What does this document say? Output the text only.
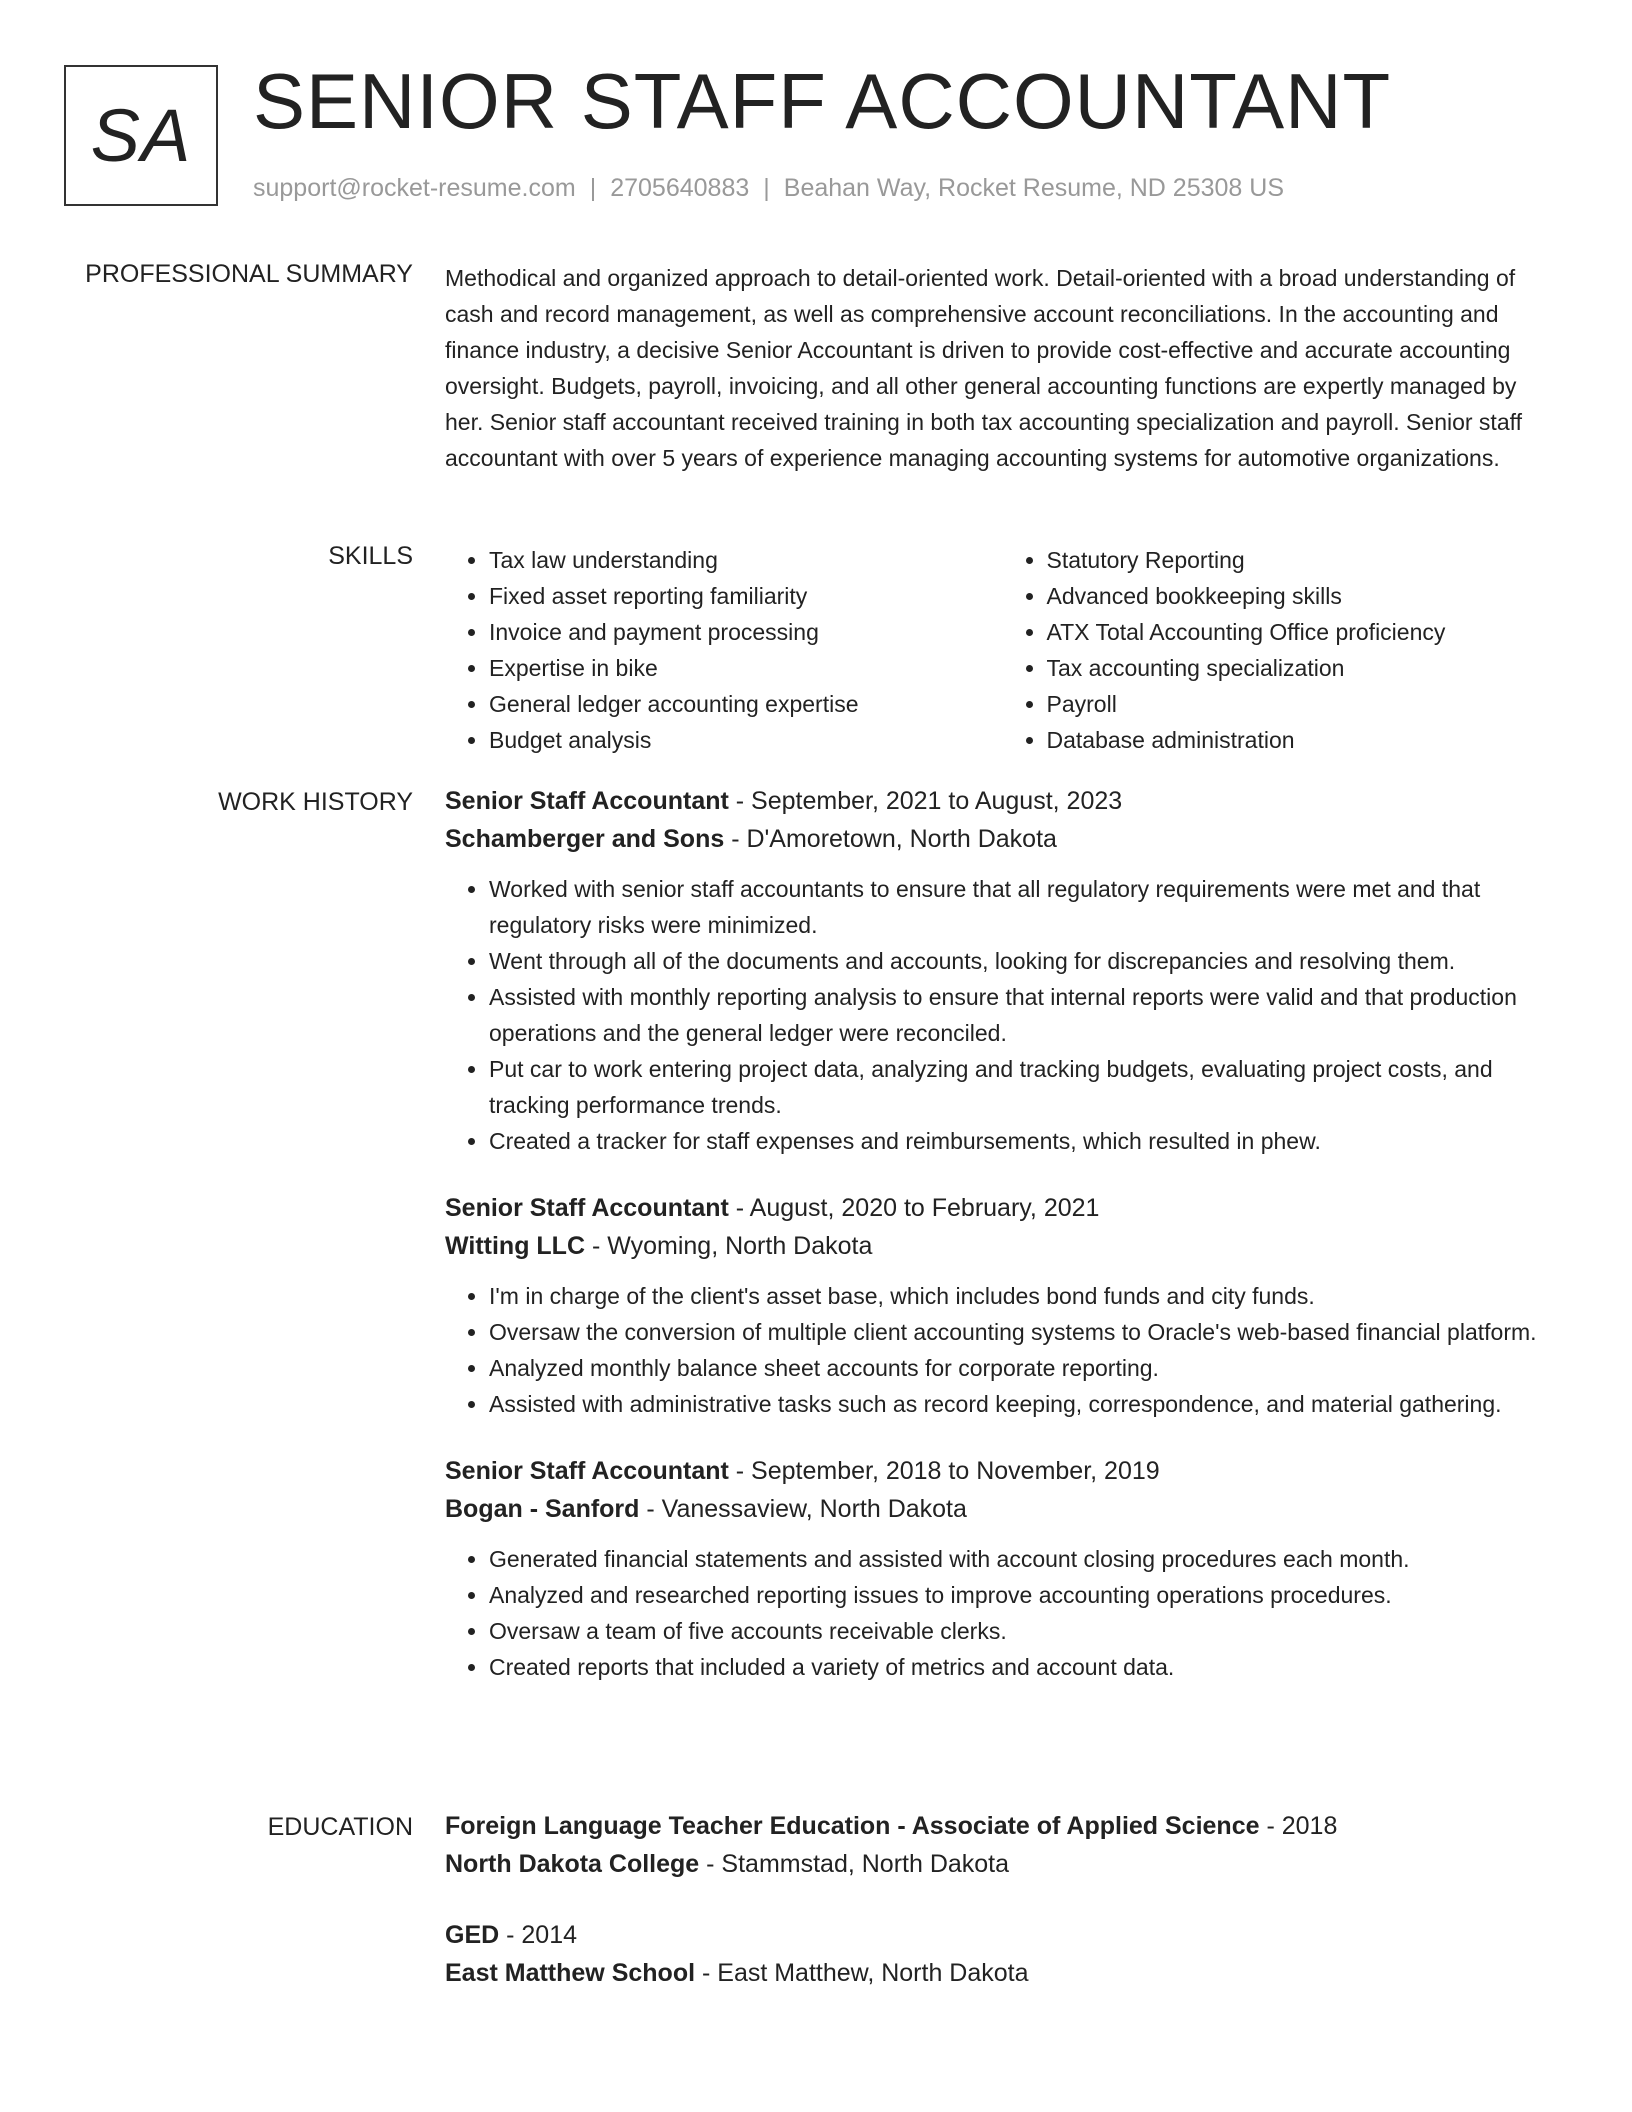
SA SENIOR STAFF ACCOUNTANT
support@rocket-resume.com | 2705640883 | Beahan Way, Rocket Resume, ND 25308 US
PROFESSIONAL SUMMARY Methodical and organized approach to detail-oriented work. Detail-oriented with a broad understanding of cash and record management, as well as comprehensive account reconciliations. In the accounting and finance industry, a decisive Senior Accountant is driven to provide cost-effective and accurate accounting oversight. Budgets, payroll, invoicing, and all other general accounting functions are expertly managed by her. Senior staff accountant received training in both tax accounting specialization and payroll. Senior staff accountant with over 5 years of experience managing accounting systems for automotive organizations.

SKILLS
•	Tax law understanding
• Fixed asset reporting familiarity
• Invoice and payment processing
• Expertise in bike
• General ledger accounting expertise
• Budget analysis
• Statutory Reporting
• Advanced bookkeeping skills
• ATX Total Accounting Office proficiency
• Tax accounting specialization
• Payroll
• Database administration
WORK HISTORY Senior Staff Accountant - September, 2021 to August, 2023
Schamberger and Sons - D'Amoretown, North Dakota
• Worked with senior staff accountants to ensure that all regulatory requirements were met and that regulatory risks were minimized.
• Went through all of the documents and accounts, looking for discrepancies and resolving them.
• Assisted with monthly reporting analysis to ensure that internal reports were valid and that production operations and the general ledger were reconciled.
• Put car to work entering project data, analyzing and tracking budgets, evaluating project costs, and tracking performance trends.
• Created a tracker for staff expenses and reimbursements, which resulted in phew.
Senior Staff Accountant - August, 2020 to February, 2021
Witting LLC - Wyoming, North Dakota
• I'm in charge of the client's asset base, which includes bond funds and city funds.
• Oversaw the conversion of multiple client accounting systems to Oracle's web-based financial platform.
• Analyzed monthly balance sheet accounts for corporate reporting.
• Assisted with administrative tasks such as record keeping, correspondence, and material gathering.
Senior Staff Accountant - September, 2018 to November, 2019
Bogan - Sanford - Vanessaview, North Dakota
• Generated financial statements and assisted with account closing procedures each month.
• Analyzed and researched reporting issues to improve accounting operations procedures.
• Oversaw a team of five accounts receivable clerks.
• Created reports that included a variety of metrics and account data.
EDUCATION Foreign Language Teacher Education - Associate of Applied Science - 2018
North Dakota College - Stammstad, North Dakota
GED - 2014
East Matthew School - East Matthew, North Dakota
